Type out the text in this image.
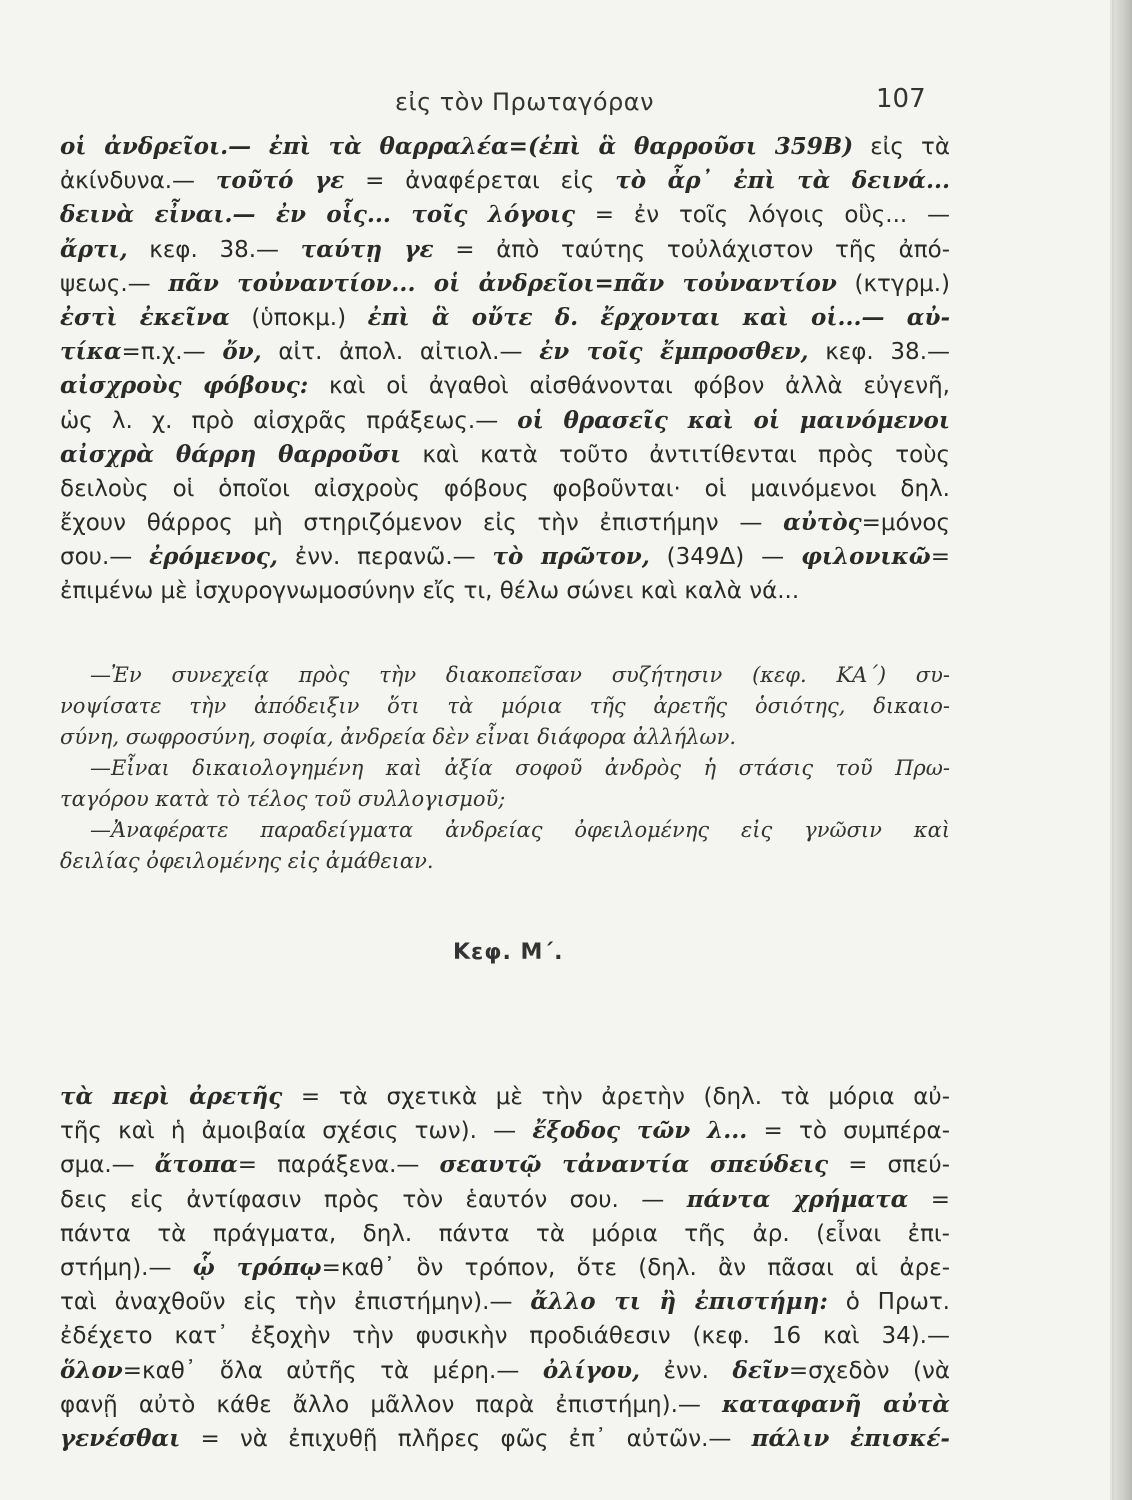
εἰς τὸν Πρωταγόραν	107
οἱ ἀνδρεῖοι.— ἐπὶ τὰ θαρραλέα=(ἐπὶ ἃ θαρροῦσι 359Β) εἰς τὰ
ἀκίνδυνα.— τοῦτό γε = ἀναφέρεται εἰς τὸ ἆρ᾽ ἐπὶ τὰ δεινά...
δεινὰ εἶναι.— ἐν οἷς... τοῖς λόγοις = ἐν τοῖς λόγοις οὓς... —
ἄρτι, κεφ. 38.— ταύτῃ γε = ἀπὸ ταύτης τοὐλάχιστον τῆς ἀπό-
ψεως.— πᾶν τοὐναντίον... οἱ ἀνδρεῖοι=πᾶν τοὐναντίον (κτγρμ.)
ἐστὶ ἐκεῖνα (ὑποκμ.) ἐπὶ ἃ οὔτε δ. ἔρχονται καὶ οἱ...— αὐ-
τίκα=π.χ.— ὄν, αἰτ. ἀπολ. αἰτιολ.— ἐν τοῖς ἔμπροσθεν, κεφ. 38.—
αἰσχροὺς φόβους: καὶ οἱ ἀγαθοὶ αἰσθάνονται φόβον ἀλλὰ εὐγενῆ,
ὡς λ. χ. πρὸ αἰσχρᾶς πράξεως.— οἱ θρασεῖς καὶ οἱ μαινόμενοι
αἰσχρὰ θάρρη θαρροῦσι καὶ κατὰ τοῦτο ἀντιτίθενται πρὸς τοὺς
δειλοὺς οἱ ὁποῖοι αἰσχροὺς φόβους φοβοῦνται· οἱ μαινόμενοι δηλ.
ἔχουν θάρρος μὴ στηριζόμενον εἰς τὴν ἐπιστήμην — αὐτὸς=μόνος
σου.— ἐρόμενος, ἐνν. περανῶ.— τὸ πρῶτον, (349Δ) — φιλονικῶ=
ἐπιμένω μὲ ἰσχυρογνωμοσύνην εἴς τι, θέλω σώνει καὶ καλὰ νά...
—Ἐν συνεχείᾳ πρὸς τὴν διακοπεῖσαν συζήτησιν (κεφ. ΚΑ΄) συ-
νοψίσατε τὴν ἀπόδειξιν ὅτι τὰ μόρια τῆς ἀρετῆς ὁσιότης, δικαιο-
σύνη, σωφροσύνη, σοφία, ἀνδρεία δὲν εἶναι διάφορα ἀλλήλων.
—Εἶναι δικαιολογημένη καὶ ἀξία σοφοῦ ἀνδρὸς ἡ στάσις τοῦ Πρω-
ταγόρου κατὰ τὸ τέλος τοῦ συλλογισμοῦ;
—Ἀναφέρατε παραδείγματα ἀνδρείας ὀφειλομένης εἰς γνῶσιν καὶ
δειλίας ὀφειλομένης εἰς ἀμάθειαν.
Κεφ. Μ΄.
τὰ περὶ ἀρετῆς = τὰ σχετικὰ μὲ τὴν ἀρετὴν (δηλ. τὰ μόρια αὐ-
τῆς καὶ ἡ ἀμοιβαία σχέσις των). — ἔξοδος τῶν λ... = τὸ συμπέρα-
σμα.— ἄτοπα= παράξενα.— σεαυτῷ τἀναντία σπεύδεις = σπεύ-
δεις εἰς ἀντίφασιν πρὸς τὸν ἑαυτόν σου. — πάντα χρήματα =
πάντα τὰ πράγματα, δηλ. πάντα τὰ μόρια τῆς ἀρ. (εἶναι ἐπι-
στήμη).— ᾧ τρόπῳ=καθ᾽ ὃν τρόπον, ὅτε (δηλ. ἂν πᾶσαι αἱ ἀρε-
ταὶ ἀναχθοῦν εἰς τὴν ἐπιστήμην).— ἄλλο τι ἢ ἐπιστήμη: ὁ Πρωτ.
ἐδέχετο κατ᾽ ἐξοχὴν τὴν φυσικὴν προδιάθεσιν (κεφ. 16 καὶ 34).—
ὅλον=καθ᾽ ὅλα αὐτῆς τὰ μέρη.— ὀλίγου, ἐνν. δεῖν=σχεδὸν (νὰ
φανῇ αὐτὸ κάθε ἄλλο μᾶλλον παρὰ ἐπιστήμη).— καταφανῆ αὐτὰ
γενέσθαι = νὰ ἐπιχυθῇ πλῆρες φῶς ἐπ᾽ αὐτῶν.— πάλιν ἐπισκέ-
